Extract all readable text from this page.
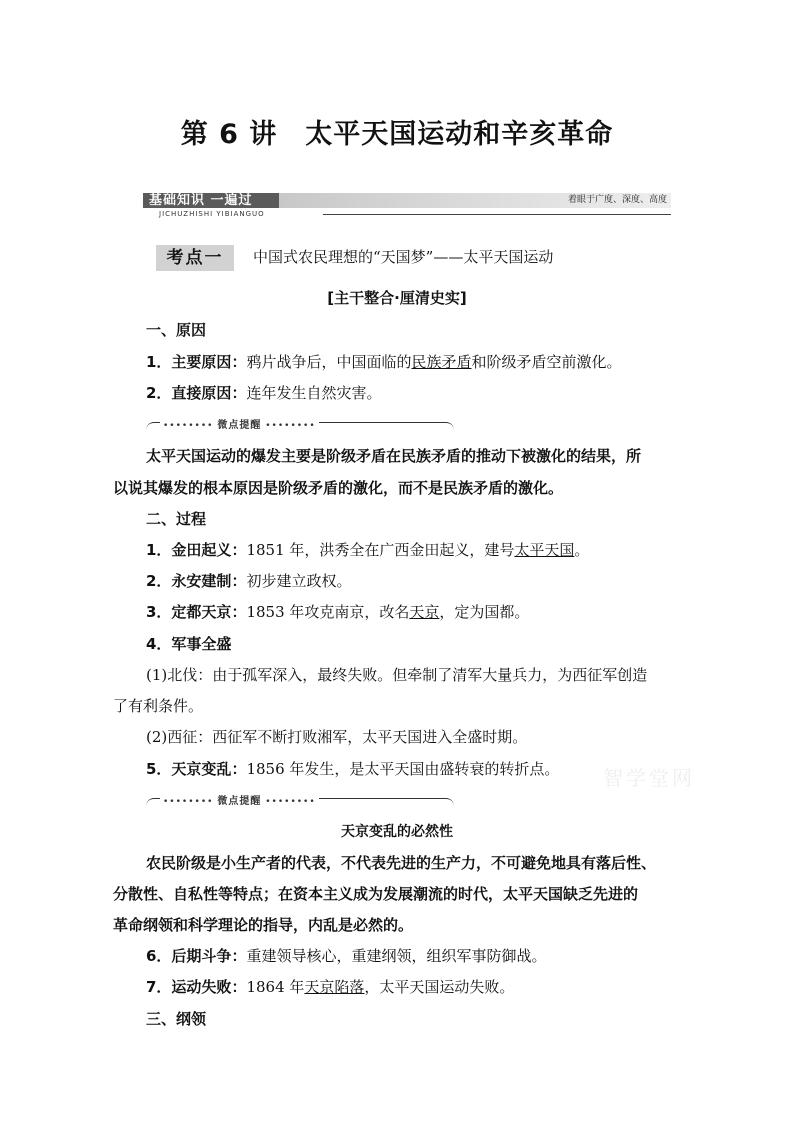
第 6 讲　太平天国运动和辛亥革命
基础知识 一遍过	着眼于广度、深度、高度
JICHUZHISHI YIBIANGUO
考点一	中国式农民理想的“天国梦”——太平天国运动
[主干整合·厘清史实]
一、原因
1．主要原因：鸦片战争后，中国面临的民族矛盾和阶级矛盾空前激化。
2．直接原因：连年发生自然灾害。
•••••••• 微点提醒 ••••••••
太平天国运动的爆发主要是阶级矛盾在民族矛盾的推动下被激化的结果，所
以说其爆发的根本原因是阶级矛盾的激化，而不是民族矛盾的激化。
二、过程
1．金田起义：1851 年，洪秀全在广西金田起义，建号太平天国。
2．永安建制：初步建立政权。
3．定都天京：1853 年攻克南京，改名天京，定为国都。
4．军事全盛
(1)北伐：由于孤军深入，最终失败。但牵制了清军大量兵力，为西征军创造
了有利条件。
(2)西征：西征军不断打败湘军，太平天国进入全盛时期。
5．天京变乱：1856 年发生，是太平天国由盛转衰的转折点。 智学堂网
•••••••• 微点提醒 ••••••••
天京变乱的必然性
农民阶级是小生产者的代表，不代表先进的生产力，不可避免地具有落后性、
分散性、自私性等特点；在资本主义成为发展潮流的时代，太平天国缺乏先进的
革命纲领和科学理论的指导，内乱是必然的。
6．后期斗争：重建领导核心，重建纲领，组织军事防御战。
7．运动失败：1864 年天京陷落，太平天国运动失败。
三、纲领
